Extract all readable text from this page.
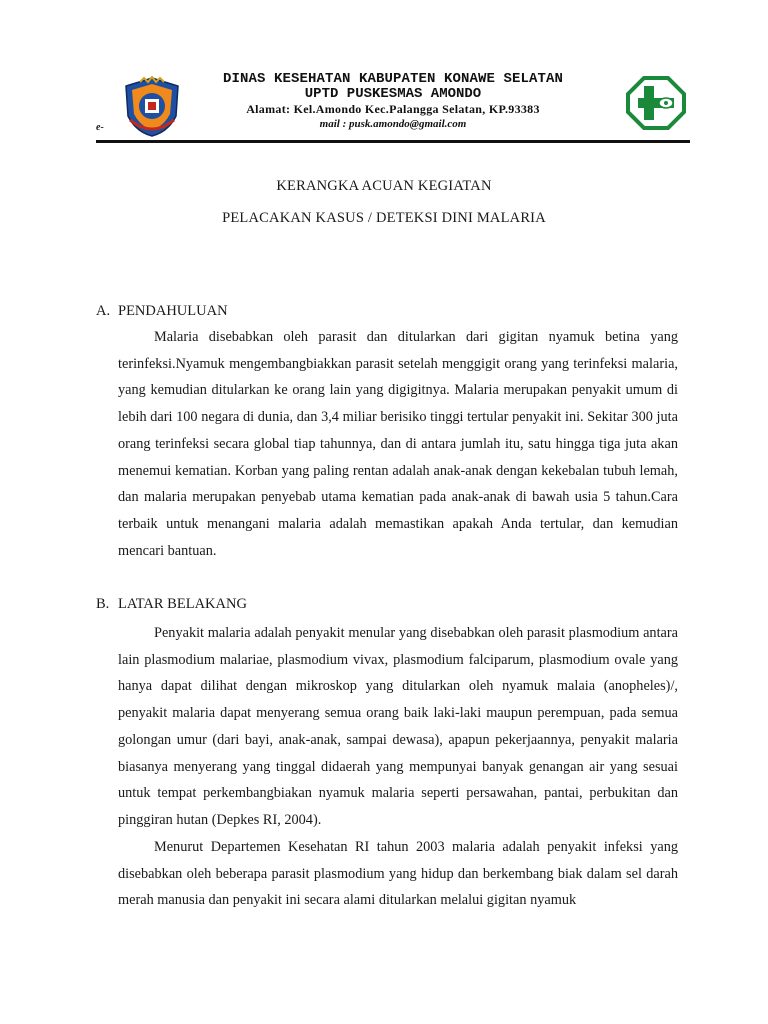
DINAS KESEHATAN KABUPATEN KONAWE SELATAN
UPTD PUSKESMAS AMONDO
Alamat: Kel.Amondo Kec.Palangga Selatan, KP.93383
mail : pusk.amondo@gmail.com
e-
KERANGKA ACUAN KEGIATAN
PELACAKAN KASUS / DETEKSI DINI MALARIA
A. PENDAHULUAN

Malaria disebabkan oleh parasit dan ditularkan dari gigitan nyamuk betina yang terinfeksi.Nyamuk mengembangbiakkan parasit setelah menggigit orang yang terinfeksi malaria, yang kemudian ditularkan ke orang lain yang digigitnya. Malaria merupakan penyakit umum di lebih dari 100 negara di dunia, dan 3,4 miliar berisiko tinggi tertular penyakit ini. Sekitar 300 juta orang terinfeksi secara global tiap tahunnya, dan di antara jumlah itu, satu hingga tiga juta akan menemui kematian. Korban yang paling rentan adalah anak-anak dengan kekebalan tubuh lemah, dan malaria merupakan penyebab utama kematian pada anak-anak di bawah usia 5 tahun.Cara terbaik untuk menangani malaria adalah memastikan apakah Anda tertular, dan kemudian mencari bantuan.

B. LATAR BELAKANG

Penyakit malaria adalah penyakit menular yang disebabkan oleh parasit plasmodium antara lain plasmodium malariae, plasmodium vivax, plasmodium falciparum, plasmodium ovale yang hanya dapat dilihat dengan mikroskop yang ditularkan oleh nyamuk malaia (anopheles)/, penyakit malaria dapat menyerang semua orang baik laki-laki maupun perempuan, pada semua golongan umur (dari bayi, anak-anak, sampai dewasa), apapun pekerjaannya, penyakit malaria biasanya menyerang yang tinggal didaerah yang mempunyai banyak genangan air yang sesuai untuk tempat perkembangbiakan nyamuk malaria seperti persawahan, pantai, perbukitan dan pinggiran hutan (Depkes RI, 2004).

Menurut Departemen Kesehatan RI tahun 2003 malaria adalah penyakit infeksi yang disebabkan oleh beberapa parasit plasmodium yang hidup dan berkembang biak dalam sel darah merah manusia dan penyakit ini secara alami ditularkan melalui gigitan nyamuk
